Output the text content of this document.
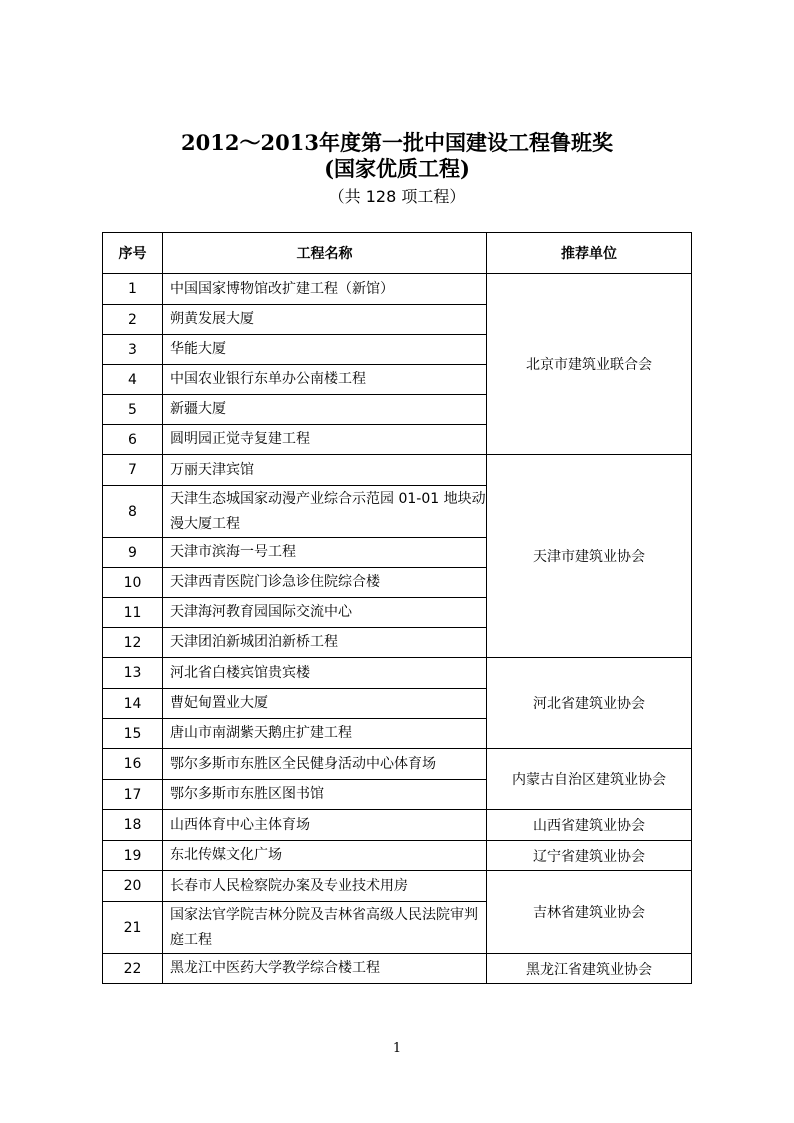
2012～2013年度第一批中国建设工程鲁班奖
(国家优质工程)
（共 128 项工程）
序号	工程名称	推荐单位
1	中国国家博物馆改扩建工程（新馆）	北京市建筑业联合会
2	朔黄发展大厦	
3	华能大厦	
4	中国农业银行东单办公南楼工程	
5	新疆大厦	
6	圆明园正觉寺复建工程	
7	万丽天津宾馆	天津市建筑业协会
8	天津生态城国家动漫产业综合示范园 01-01 地块动漫大厦工程	
9	天津市滨海一号工程	
10	天津西青医院门诊急诊住院综合楼	
11	天津海河教育园国际交流中心	
12	天津团泊新城团泊新桥工程	
13	河北省白楼宾馆贵宾楼	河北省建筑业协会
14	曹妃甸置业大厦	
15	唐山市南湖紫天鹅庄扩建工程	
16	鄂尔多斯市东胜区全民健身活动中心体育场	内蒙古自治区建筑业协会
17	鄂尔多斯市东胜区图书馆	
18	山西体育中心主体育场	山西省建筑业协会
19	东北传媒文化广场	辽宁省建筑业协会
20	长春市人民检察院办案及专业技术用房	吉林省建筑业协会
21	国家法官学院吉林分院及吉林省高级人民法院审判庭工程	
22	黑龙江中医药大学教学综合楼工程	黑龙江省建筑业协会
1
